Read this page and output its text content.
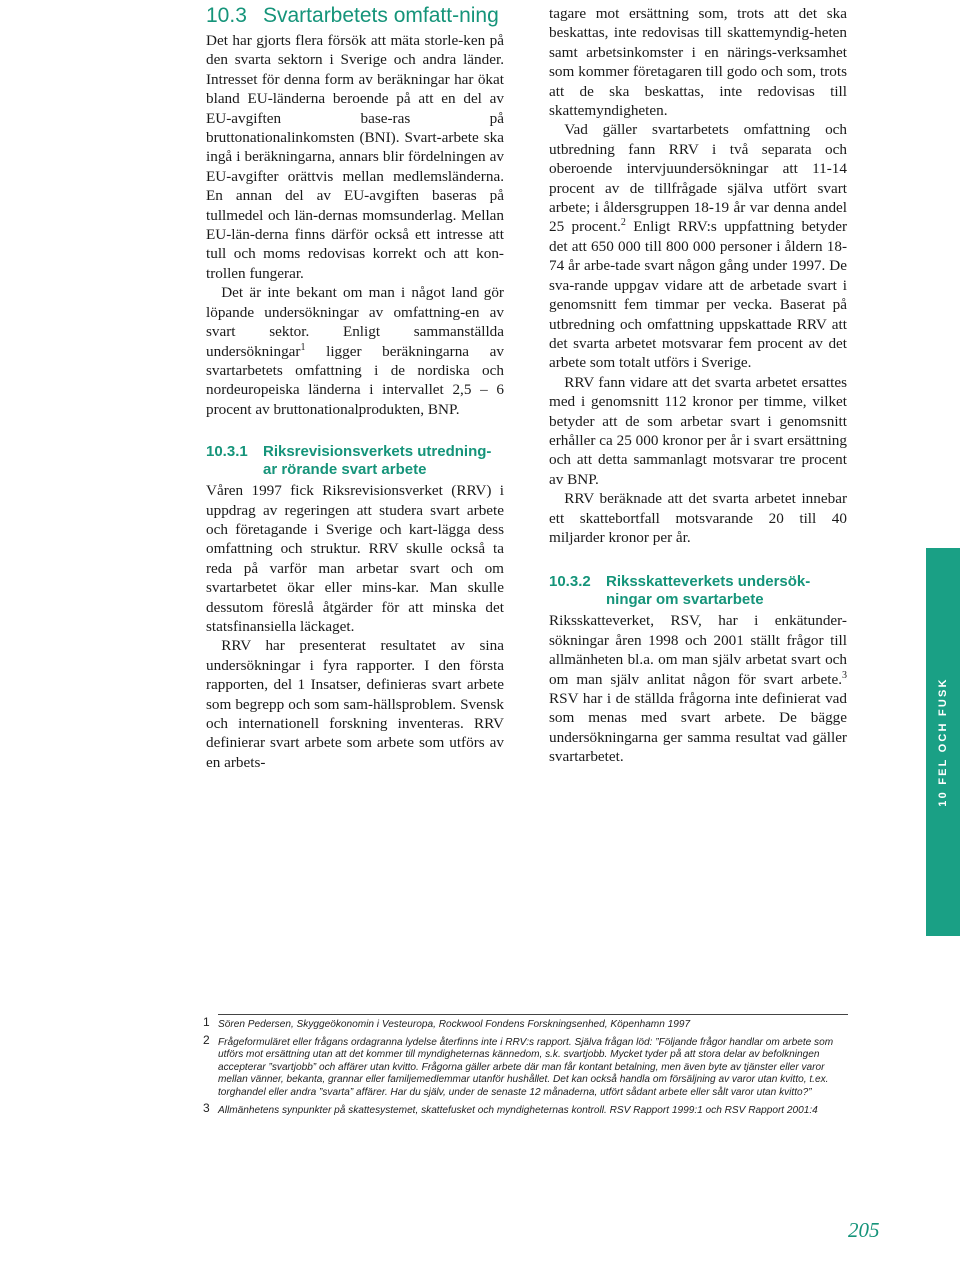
10.3 Svartarbetets omfatt-ning

Det har gjorts flera försök att mäta storle-ken på den svarta sektorn i Sverige och andra länder. Intresset för denna form av beräkningar har ökat bland EU-länderna beroende på att en del av EU-avgiften base-ras på bruttonationalinkomsten (BNI). Svart-arbete ska ingå i beräkningarna, annars blir fördelningen av EU-avgifter orättvis mellan medlemsländerna. En annan del av EU-avgiften baseras på tullmedel och län-dernas momsunderlag. Mellan EU-län-derna finns därför också ett intresse att tull och moms redovisas korrekt och att kon-trollen fungerar.

Det är inte bekant om man i något land gör löpande undersökningar av omfattning-en av svart sektor. Enligt sammanställda undersökningar$^1$ ligger beräkningarna av svartarbetets omfattning i de nordiska och nordeuropeiska länderna i intervallet 2,5 – 6 procent av bruttonationalprodukten, BNP.

10.3.1 Riksrevisionsverkets utredning-ar rörande svart arbete

Våren 1997 fick Riksrevisionsverket (RRV) i uppdrag av regeringen att studera svart arbete och företagande i Sverige och kart-lägga dess omfattning och struktur. RRV skulle också ta reda på varför man arbetar svart och om svartarbetet ökar eller mins-kar. Man skulle dessutom föreslå åtgärder för att minska det statsfinansiella läckaget.

RRV har presenterat resultatet av sina undersökningar i fyra rapporter. I den första rapporten, del 1 Insatser, definieras svart arbete som begrepp och som sam-hällsproblem. Svensk och internationell forskning inventeras. RRV definierar svart arbete som arbete som utförs av en arbets-

tagare mot ersättning som, trots att det ska beskattas, inte redovisas till skattemyndig-heten samt arbetsinkomster i en närings-verksamhet som kommer företagaren till godo och som, trots att de ska beskattas, inte redovisas till skattemyndigheten.

Vad gäller svartarbetets omfattning och utbredning fann RRV i två separata och oberoende intervjuundersökningar att 11-14 procent av de tillfrågade själva utfört svart arbete; i åldersgruppen 18-19 år var denna andel 25 procent.$^2$ Enligt RRV:s uppfattning betyder det att 650 000 till 800 000 personer i åldern 18-74 år arbe-tade svart någon gång under 1997. De sva-rande uppgav vidare att de arbetade svart i genomsnitt fem timmar per vecka. Baserat på utbredning och omfattning uppskattade RRV att det svarta arbetet motsvarar fem procent av det arbete som totalt utförs i Sverige.

RRV fann vidare att det svarta arbetet ersattes med i genomsnitt 112 kronor per timme, vilket betyder att de som arbetar svart i genomsnitt erhåller ca 25 000 kronor per år i svart ersättning och att detta sammanlagt motsvarar tre procent av BNP.

RRV beräknade att det svarta arbetet innebar ett skattebortfall motsvarande 20 till 40 miljarder kronor per år.

10.3.2 Riksskatteverkets undersök-ningar om svartarbete

Riksskatteverket, RSV, har i enkätunder-sökningar åren 1998 och 2001 ställt frågor till allmänheten bl.a. om man själv arbetat svart och om man själv anlitat någon för svart arbete.$^3$ RSV har i de ställda frågorna inte definierat vad som menas med svart arbete. De bägge undersökningarna ger samma resultat vad gäller svartarbetet.	10 FEL OCH FUSK
1 Sören Pedersen, Skyggeökonomin i Vesteuropa, Rockwool Fondens Forskningsenhed, Köpenhamn 1997
2 Frågeformuläret eller frågans ordagranna lydelse återfinns inte i RRV:s rapport. Själva frågan löd: ”Följande frågor handlar om arbete som utförs mot ersättning utan att det kommer till myndigheternas kännedom, s.k. svartjobb. Mycket tyder på att stora delar av befolkningen accepterar ”svartjobb” och affärer utan kvitto. Frågorna gäller arbete där man får kontant betalning, men även byte av tjänster eller varor mellan vänner, bekanta, grannar eller familjemedlemmar utanför hushållet. Det kan också handla om försäljning av varor utan kvitto, t.ex. torghandel eller andra ”svarta” affärer. Har du själv, under de senaste 12 månaderna, utfört sådant arbete eller sålt varor utan kvitto?”
3 Allmänhetens synpunkter på skattesystemet, skattefusket och myndigheternas kontroll. RSV Rapport 1999:1 och RSV Rapport 2001:4
205
